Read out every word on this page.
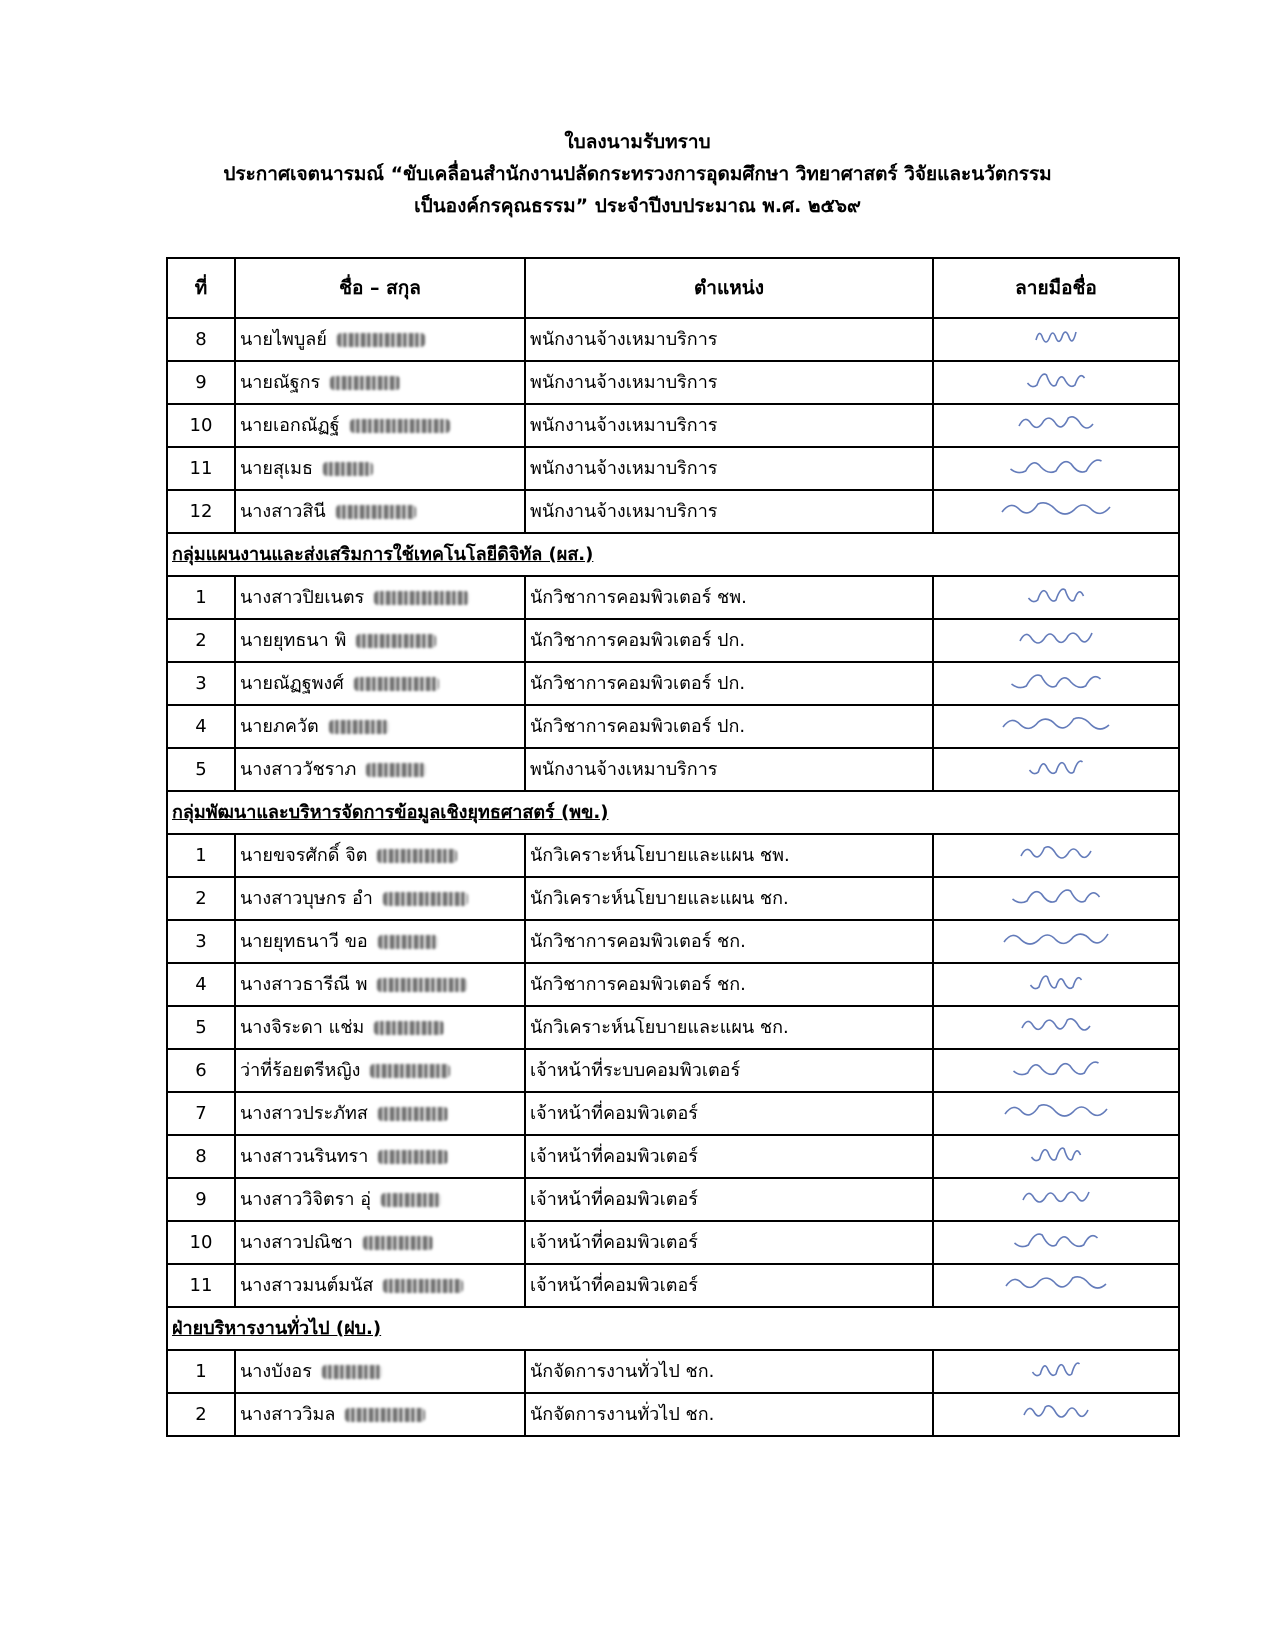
ใบลงนามรับทราบ
ประกาศเจตนารมณ์ “ขับเคลื่อนสำนักงานปลัดกระทรวงการอุดมศึกษา วิทยาศาสตร์ วิจัยและนวัตกรรม
เป็นองค์กรคุณธรรม” ประจำปีงบประมาณ พ.ศ. ๒๕๖๙
ที่	ชื่อ – สกุล	ตำแหน่ง	ลายมือชื่อ
8	นายไพบูลย์	พนักงานจ้างเหมาบริการ	
9	นายณัฐกร	พนักงานจ้างเหมาบริการ	
10	นายเอกณัฏฐ์	พนักงานจ้างเหมาบริการ	
11	นายสุเมธ	พนักงานจ้างเหมาบริการ	
12	นางสาวสินี	พนักงานจ้างเหมาบริการ	
กลุ่มแผนงานและส่งเสริมการใช้เทคโนโลยีดิจิทัล (ผส.)			
1	นางสาวปิยเนตร	นักวิชาการคอมพิวเตอร์ ชพ.	
2	นายยุทธนา พิ	นักวิชาการคอมพิวเตอร์ ปก.	
3	นายณัฏฐพงศ์	นักวิชาการคอมพิวเตอร์ ปก.	
4	นายภควัต	นักวิชาการคอมพิวเตอร์ ปก.	
5	นางสาววัชราภ	พนักงานจ้างเหมาบริการ	
กลุ่มพัฒนาและบริหารจัดการข้อมูลเชิงยุทธศาสตร์ (พข.)			
1	นายขจรศักดิ์ จิต	นักวิเคราะห์นโยบายและแผน ชพ.	
2	นางสาวบุษกร อำ	นักวิเคราะห์นโยบายและแผน ชก.	
3	นายยุทธนาวี ขอ	นักวิชาการคอมพิวเตอร์ ชก.	
4	นางสาวธารีณี พ	นักวิชาการคอมพิวเตอร์ ชก.	
5	นางจิระดา แช่ม	นักวิเคราะห์นโยบายและแผน ชก.	
6	ว่าที่ร้อยตรีหญิง	เจ้าหน้าที่ระบบคอมพิวเตอร์	
7	นางสาวประภัทส	เจ้าหน้าที่คอมพิวเตอร์	
8	นางสาวนรินทรา	เจ้าหน้าที่คอมพิวเตอร์	
9	นางสาววิจิตรา อุ่	เจ้าหน้าที่คอมพิวเตอร์	
10	นางสาวปณิชา	เจ้าหน้าที่คอมพิวเตอร์	
11	นางสาวมนต์มนัส	เจ้าหน้าที่คอมพิวเตอร์	
ฝ่ายบริหารงานทั่วไป (ฝบ.)			
1	นางบังอร	นักจัดการงานทั่วไป ชก.	
2	นางสาววิมล	นักจัดการงานทั่วไป ชก.	
